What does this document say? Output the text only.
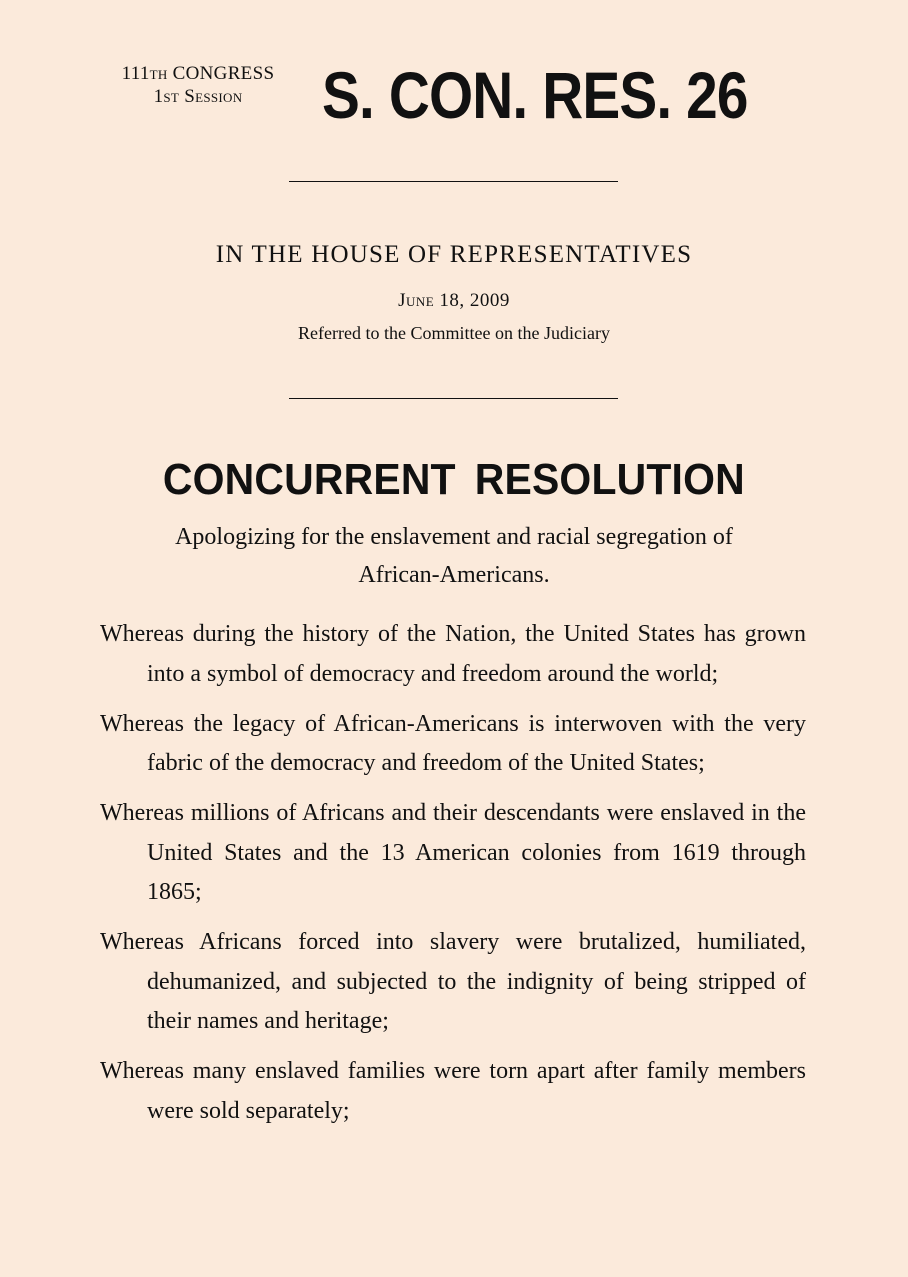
111th CONGRESS
1st Session	S. CON. RES. 26
IN THE HOUSE OF REPRESENTATIVES
June 18, 2009
Referred to the Committee on the Judiciary
CONCURRENT RESOLUTION
Apologizing for the enslavement and racial segregation of
African-Americans.
Whereas during the history of the Nation, the United States has grown into a symbol of democracy and freedom around the world;
Whereas the legacy of African-Americans is interwoven with the very fabric of the democracy and freedom of the United States;
Whereas millions of Africans and their descendants were enslaved in the United States and the 13 American colonies from 1619 through 1865;
Whereas Africans forced into slavery were brutalized, humiliated, dehumanized, and subjected to the indignity of being stripped of their names and heritage;
Whereas many enslaved families were torn apart after family members were sold separately;
